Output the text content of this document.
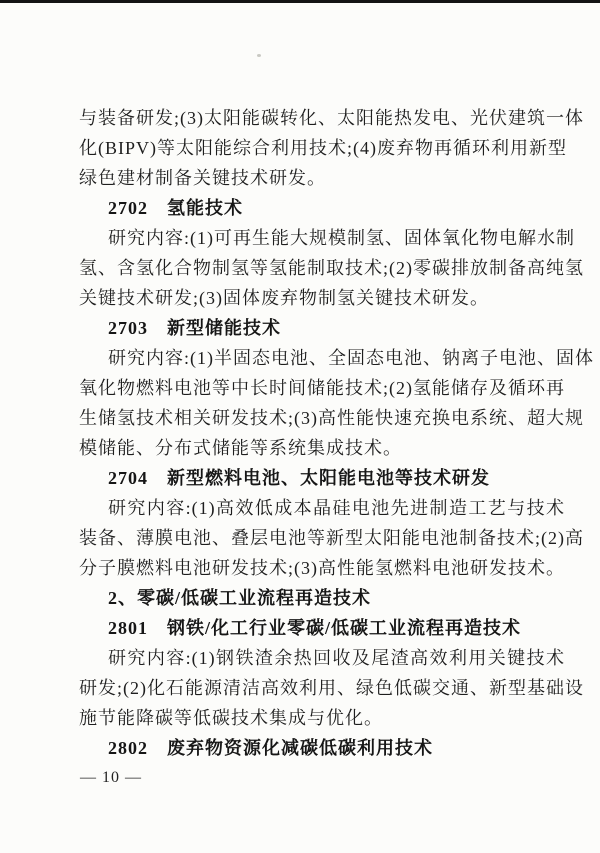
与装备研发;(3)太阳能碳转化、太阳能热发电、光伏建筑一体
化(BIPV)等太阳能综合利用技术;(4)废弃物再循环利用新型
绿色建材制备关键技术研发。
2702　氢能技术
研究内容:(1)可再生能大规模制氢、固体氧化物电解水制
氢、含氢化合物制氢等氢能制取技术;(2)零碳排放制备高纯氢
关键技术研发;(3)固体废弃物制氢关键技术研发。
2703　新型储能技术
研究内容:(1)半固态电池、全固态电池、钠离子电池、固体
氧化物燃料电池等中长时间储能技术;(2)氢能储存及循环再
生储氢技术相关研发技术;(3)高性能快速充换电系统、超大规
模储能、分布式储能等系统集成技术。
2704　新型燃料电池、太阳能电池等技术研发
研究内容:(1)高效低成本晶硅电池先进制造工艺与技术
装备、薄膜电池、叠层电池等新型太阳能电池制备技术;(2)高
分子膜燃料电池研发技术;(3)高性能氢燃料电池研发技术。
2、零碳/低碳工业流程再造技术
2801　钢铁/化工行业零碳/低碳工业流程再造技术
研究内容:(1)钢铁渣余热回收及尾渣高效利用关键技术
研发;(2)化石能源清洁高效利用、绿色低碳交通、新型基础设
施节能降碳等低碳技术集成与优化。
2802　废弃物资源化减碳低碳利用技术
— 10 —
